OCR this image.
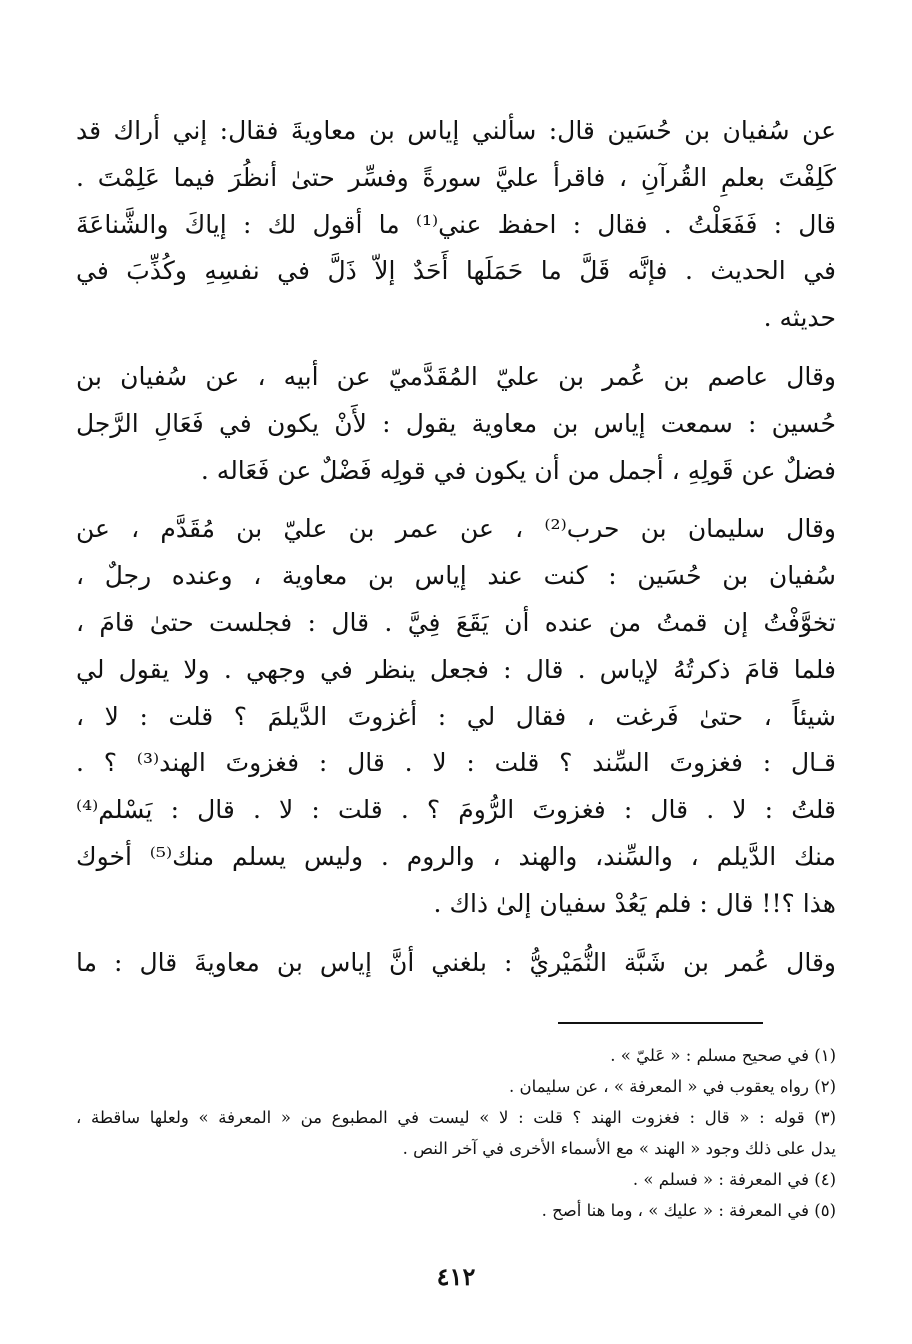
عن سُفيان بن حُسَين قال: سألني إياس بن معاويةَ فقال: إني أراك قد
كَلِفْتَ بعلمِ القُرآنِ ، فاقرأ عليَّ سورةً وفسِّر حتىٰ أنظُرَ فيما عَلِمْتَ .
قال : فَفَعَلْتُ . فقال : احفظ عني⁽¹⁾ ما أقول لك : إياكَ والشَّناعَةَ
في الحديث . فإنَّه قَلَّ ما حَمَلَها أَحَدٌ إلاّ ذَلَّ في نفسِهِ وكُذِّبَ في
حديثه .

وقال عاصم بن عُمر بن عليّ المُقَدَّميّ عن أبيه ، عن سُفيان بن
حُسين : سمعت إياس بن معاوية يقول : لأَنْ يكون في فَعَالِ الرَّجل
فضلٌ عن قَولِهِ ، أجمل من أن يكون في قولِه فَضْلٌ عن فَعَاله .

وقال سليمان بن حرب⁽²⁾ ، عن عمر بن عليّ بن مُقَدَّم ، عن
سُفيان بن حُسَين : كنت عند إياس بن معاوية ، وعنده رجلٌ ،
تخوَّفْتُ إن قمتُ من عنده أن يَقَعَ فِيَّ . قال : فجلست حتىٰ قامَ ،
فلما قامَ ذكرتُهُ لإياس . قال : فجعل ينظر في وجهي . ولا يقول لي
شيئاً ، حتىٰ فَرغت ، فقال لي : أغزوتَ الدَّيلمَ ؟ قلت : لا ،
قـال : فغزوتَ السِّند ؟ قلت : لا . قال : فغزوتَ الهند⁽³⁾ ؟ .
قلتُ : لا . قال : فغزوتَ الرُّومَ ؟ . قلت : لا . قال : يَسْلم⁽⁴⁾
منك الدَّيلم ، والسِّند، والهند ، والروم . وليس يسلم منك⁽⁵⁾ أخوك
هذا ؟!! قال : فلم يَعُدْ سفيان إلىٰ ذاك .

وقال عُمر بن شَبَّة النُّمَيْريُّ : بلغني أنَّ إياس بن معاويةَ قال : ما

(١) في صحيح مسلم : « عَليّ » .
(٢) رواه يعقوب في « المعرفة » ، عن سليمان .
(٣) قوله : « قال : فغزوت الهند ؟ قلت : لا » ليست في المطبوع من « المعرفة » ولعلها ساقطة ،
يدل على ذلك وجود « الهند » مع الأسماء الأخرى في آخر النص .
(٤) في المعرفة : « فسلم » .
(٥) في المعرفة : « عليك » ، وما هنا أصح .
٤١٢
